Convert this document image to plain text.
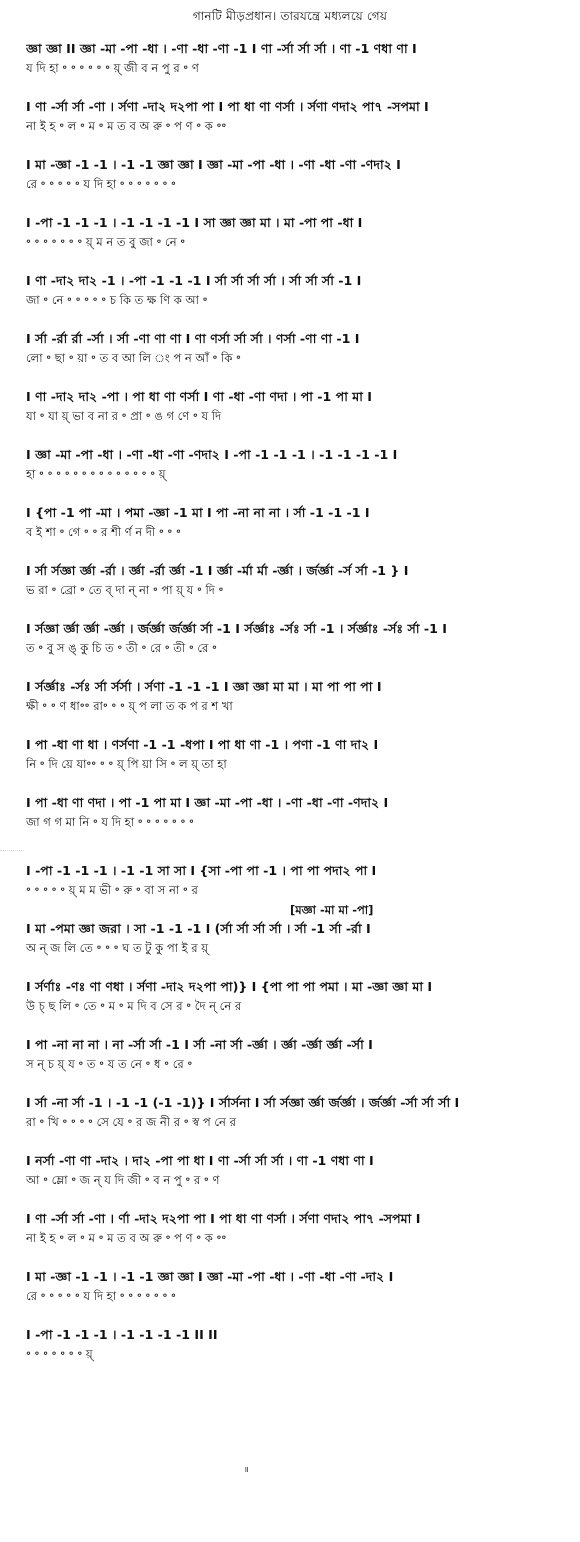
গানটি মীড়প্রধান। তারযন্ত্রে মধ্যলয়ে গেয়
জ্ঞা জ্ঞা II জ্ঞা -মা -পা -ধা । -ণা -ধা -ণা -1 I ণা -র্সা র্সা র্সা । ণা -1 ণধা ণা I
য দি হা ॰ ॰ ॰ ॰ ॰ ॰ য়্ জী ব ন পু র ॰ ণ
I ণা -র্সা র্সা -ণা । র্সণা -দা২ দ২পা পা I পা ধা ণা ণর্সা । র্সণা ণদা২ পা৭ -সপমা I
না ই হ ॰ ল ॰ ম ॰ ম ত ব অ রু ॰ প ণ ॰ ক ॰॰
I মা -জ্ঞা -1 -1 । -1 -1 জ্ঞা জ্ঞা I জ্ঞা -মা -পা -ধা । -ণা -ধা -ণা -ণদা২ I
রে ॰ ॰ ॰ ॰ ॰ য দি হা ॰ ॰ ॰ ॰ ॰ ॰ ॰
I -পা -1 -1 -1 । -1 -1 -1 -1 I সা জ্ঞা জ্ঞা মা । মা -পা পা -ধা I
॰ ॰ ॰ ॰ ॰ ॰ ॰ য়্ ম ন ত বু জা ॰ নে ॰
I ণা -দা২ দা২ -1 । -পা -1 -1 -1 I র্সা র্সা র্সা র্সা । র্সা র্সা র্সা -1 I
জা ॰ নে ॰ ॰ ॰ ॰ ॰ চ কি ত ক্ষ ণি ক আ ॰
I র্সা -র্রা র্রা -র্সা । র্সা -ণা ণা ণা I ণা ণর্সা র্সা র্সা । ণর্সা -ণা ণা -1 I
লো ॰ ছা ॰ য়া ॰ ত ব আ লি ং প ন আঁ ॰ কি ॰
I ণা -দা২ দা২ -পা । পা ধা ণা ণর্সা I ণা -ধা -ণা ণদা । পা -1 পা মা I
যা ॰ যা য়্ ভা ব না র ॰ প্রা ॰ ঙ গ ণে ॰ য দি
I জ্ঞা -মা -পা -ধা । -ণা -ধা -ণা -ণদা২ I -পা -1 -1 -1 । -1 -1 -1 -1 I
হা ॰ ॰ ॰ ॰ ॰ ॰ ॰ ॰ ॰ ॰ ॰ ॰ ॰ ॰ য়্
I {পা -1 পা -মা । পমা -জ্ঞা -1 মা I পা -না না না । র্সা -1 -1 -1 I
ব ই শা ॰ গে ॰ ॰ র শী র্ণ ন দী ॰ ॰ ॰
I র্সা র্সজ্ঞা র্জ্ঞা -র্রা । র্জ্ঞা -র্রা র্জ্ঞা -1 I র্জ্ঞা -র্মা র্মা -র্জ্ঞা । র্জর্জ্ঞা -র্স র্সা -1 } I
ভ রা ॰ ব্রো ॰ তে ব্ দা ন্ না ॰ পা য়্ য ॰ দি ॰
I র্সজ্ঞা র্জ্ঞা র্জ্ঞা -র্জ্ঞা । র্জর্জ্ঞা র্জর্জ্ঞা র্সা -1 I র্সর্জ্ঞাঃ -র্সঃ র্সা -1 । র্সর্জ্ঞাঃ -র্সঃ র্সা -1 I
ত ॰ বু স ঙ্ কু চি ত ॰ তী ॰ রে ॰ তী ॰ রে ॰
I র্সর্জ্ঞাঃ -র্সঃ র্সা র্সর্সা । র্সণা -1 -1 -1 I জ্ঞা জ্ঞা মা মা । মা পা পা পা I
ক্ষী ॰ ॰ ণ ধা॰॰ রা॰ ॰ ॰ য়্ প লা ত ক প র শ খা
I পা -ধা ণা ধা । ণর্সণা -1 -1 -ধপা I পা ধা ণা -1 । পণা -1 ণা দা২ I
নি ॰ দি য়ে যা॰॰ ॰ ॰ য়্ পি য়া সি ॰ ল য়্ তা হা
I পা -ধা ণা ণদা । পা -1 পা মা I জ্ঞা -মা -পা -ধা । -ণা -ধা -ণা -ণদা২ I
জা গ গ মা নি ॰ য দি হা ॰ ॰ ॰ ॰ ॰ ॰ ॰
I -পা -1 -1 -1 । -1 -1 সা সা I {সা -পা পা -1 । পা পা পদা২ পা I
॰ ॰ ॰ ॰ ॰ য়্ ম ম ভী ॰ রু ॰ বা স না ॰ র
I মা -পমা জ্ঞা জরা । সা -1 -1 -1 I (র্সা র্সা র্সা র্সা । র্সা -1 র্সা -র্রা I
অ ন্ জ লি তে ॰ ॰ ॰ ঘ ত টু কু পা ই র য়্
I র্সর্ণাঃ -ণঃ ণা ণধা । র্সণা -দা২ দ২পা পা)} I {পা পা পা পমা । মা -জ্ঞা জ্ঞা মা I
উ চ্ ছ লি ॰ তে ॰ ম ॰ ম দি ব সে র ॰ দৈ ন্ নে র
I পা -না না না । না -র্সা র্সা -1 I র্সা -না র্সা -র্জ্ঞা । র্জ্ঞা -র্জ্ঞা র্জ্ঞা -র্সা I
স ন্ চ য়্ য ॰ ত ॰ য ত নে ॰ ধ ॰ রে ॰
I র্সা -না র্সা -1 । -1 -1 (-1 -1)} I র্সার্সনা I র্সা র্সজ্ঞা র্জ্ঞা র্জর্জ্ঞা । র্জর্জ্ঞা -র্সা র্সা র্সা I
রা ॰ খি ॰ ॰ ॰ ॰ সে যে ॰ র জ নী র ॰ স্ব প নে র
I নর্সা -ণা ণা -দা২ । দা২ -পা পা ধা I ণা -র্সা র্সা র্সা । ণা -1 ণধা ণা I
আ ॰ ম্লো ॰ জ ন্ য দি জী ॰ ব ন পু ॰ র ॰ ণ
I ণা -র্সা র্সা -ণা । র্ণা -দা২ দ২পা পা I পা ধা ণা ণর্সা । র্সণা ণদা২ পা৭ -সপমা I
না ই হ ॰ ল ॰ ম ॰ ম ত ব অ রু ॰ প ণ ॰ ক ॰॰
I মা -জ্ঞা -1 -1 । -1 -1 জ্ঞা জ্ঞা I জ্ঞা -মা -পা -ধা । -ণা -ধা -ণা -দা২ I
রে ॰ ॰ ॰ ॰ ॰ য দি হা ॰ ॰ ॰ ॰ ॰ ॰ ॰
I -পা -1 -1 -1 । -1 -1 -1 -1 II II
॰ ॰ ॰ ॰ ॰ ॰ ॰ য়্
[মজ্ঞা -মা মা -পা]
॥
